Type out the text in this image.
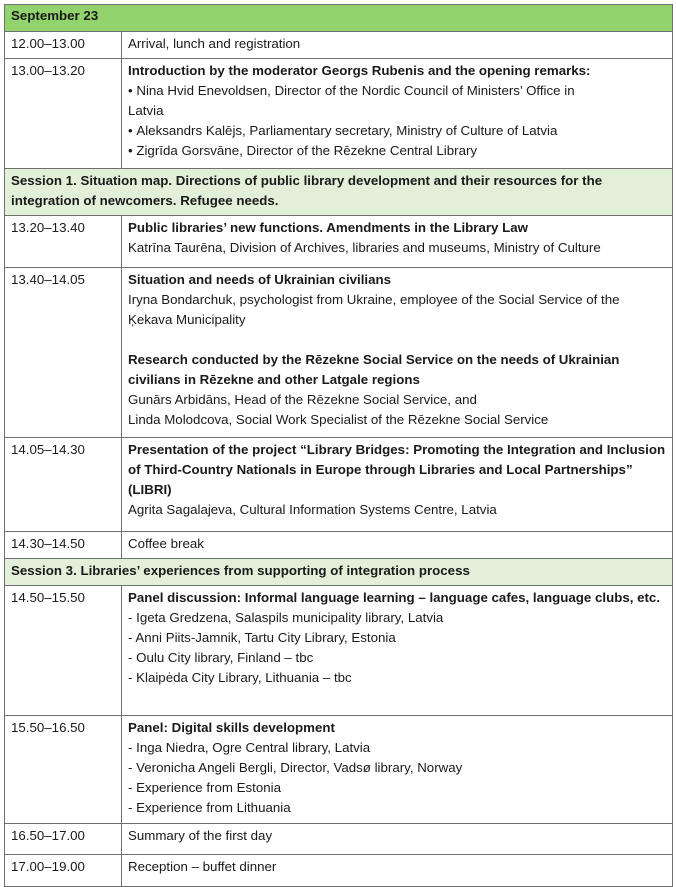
September 23	
12.00–13.00	Arrival, lunch and registration
13.00–13.20	Introduction by the moderator Georgs Rubenis and the opening remarks:
• Nina Hvid Enevoldsen, Director of the Nordic Council of Ministers’ Office in
Latvia
• Aleksandrs Kalējs, Parliamentary secretary, Ministry of Culture of Latvia
• Zigrīda Gorsvāne, Director of the Rēzekne Central Library

Session 1. Situation map. Directions of public library development and their resources for the integration of newcomers. Refugee needs.	
13.20–13.40	Public libraries’ new functions. Amendments in the Library Law
Katrīna Taurēna, Division of Archives, libraries and museums, Ministry of Culture

13.40–14.05	Situation and needs of Ukrainian civilians
Iryna Bondarchuk, psychologist from Ukraine, employee of the Social Service of the Ķekava Municipality
Research conducted by the Rēzekne Social Service on the needs of Ukrainian civilians in Rēzekne and other Latgale regions
Gunārs Arbidāns, Head of the Rēzekne Social Service, and
Linda Molodcova, Social Work Specialist of the Rēzekne Social Service

14.05–14.30	Presentation of the project “Library Bridges: Promoting the Integration and Inclusion of Third-Country Nationals in Europe through Libraries and Local Partnerships” (LIBRI)
Agrita Sagalajeva, Cultural Information Systems Centre, Latvia

14.30–14.50	Coffee break
Session 3. Libraries’ experiences from supporting of integration process	
14.50–15.50	Panel discussion: Informal language learning – language cafes, language clubs, etc.
- Igeta Gredzena, Salaspils municipality library, Latvia
- Anni Piits-Jamnik, Tartu City Library, Estonia
- Oulu City library, Finland – tbc
- Klaipėda City Library, Lithuania – tbc

15.50–16.50	Panel: Digital skills development
- Inga Niedra, Ogre Central library, Latvia
- Veronicha Angeli Bergli, Director, Vadsø library, Norway
- Experience from Estonia
- Experience from Lithuania

16.50–17.00	Summary of the first day
17.00–19.00	Reception – buffet dinner
